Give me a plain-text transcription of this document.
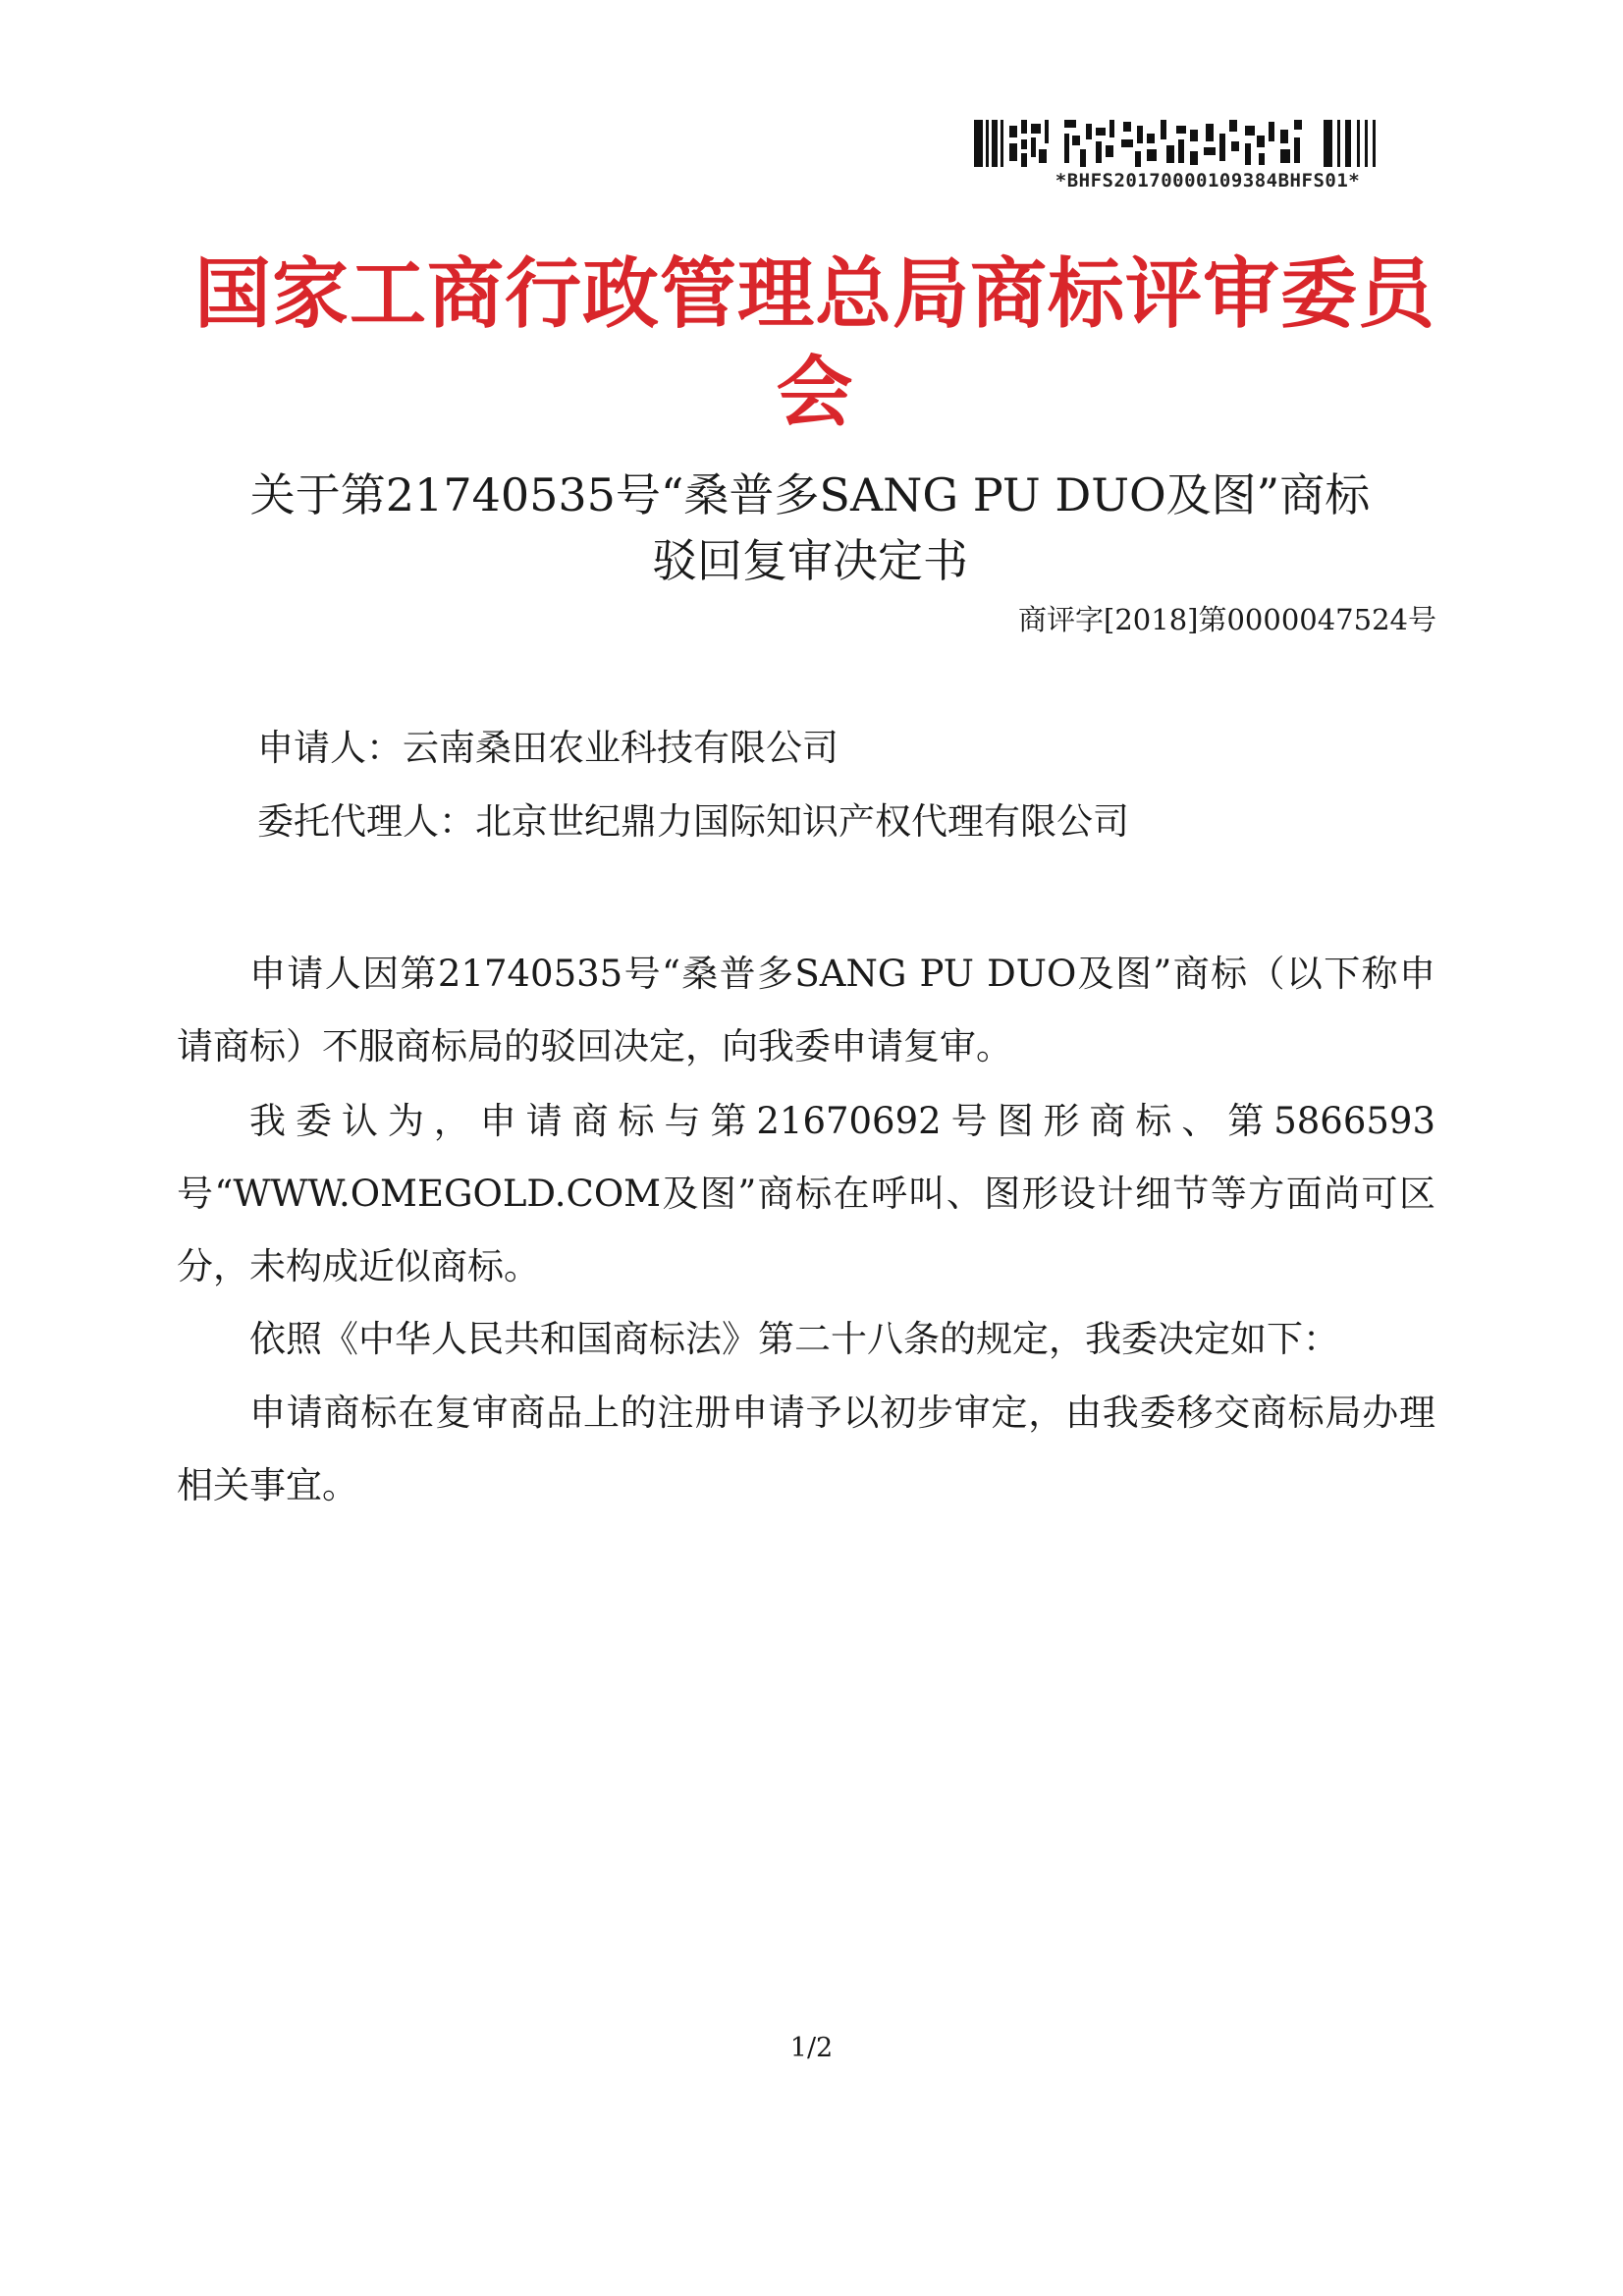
*BHFS20170000109384BHFS01*
国家工商行政管理总局商标评审委员会
关于第21740535号“桑普多SANG PU DUO及图”商标
驳回复审决定书
商评字[2018]第0000047524号
申请人：云南桑田农业科技有限公司
委托代理人：北京世纪鼎力国际知识产权代理有限公司
申请人因第21740535号“桑普多SANG PU DUO及图”商标（以下称申请商标）不服商标局的驳回决定，向我委申请复审。
我委认为，申请商标与第21670692号图形商标、第5866593号“WWW.OMEGOLD.COM及图”商标在呼叫、图形设计细节等方面尚可区分，未构成近似商标。
依照《中华人民共和国商标法》第二十八条的规定，我委决定如下：
申请商标在复审商品上的注册申请予以初步审定，由我委移交商标局办理相关事宜。
1/2
